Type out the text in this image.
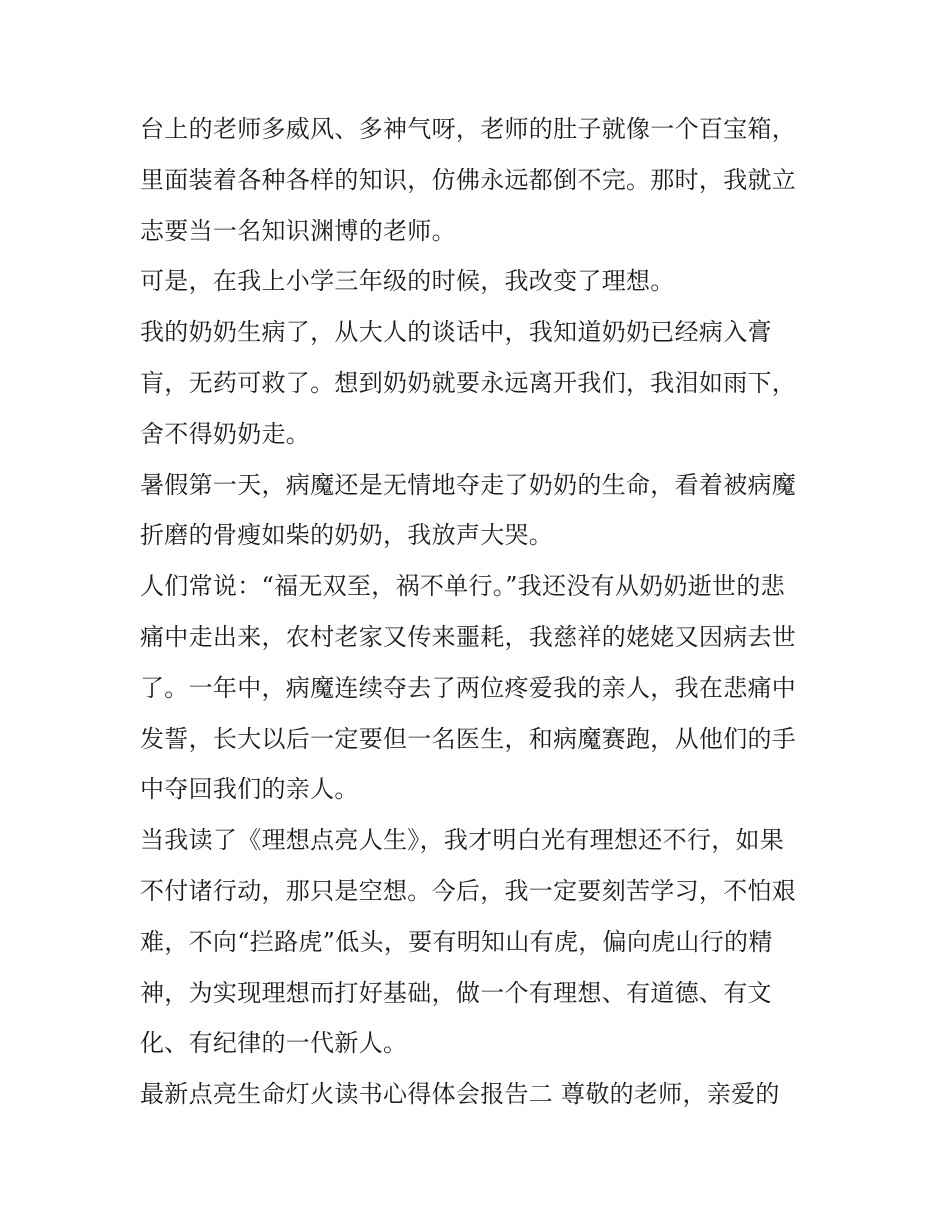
台上的老师多威风、多神气呀，老师的肚子就像一个百宝箱，
里面装着各种各样的知识，仿佛永远都倒不完。那时，我就立
志要当一名知识渊博的老师。
可是，在我上小学三年级的时候，我改变了理想。
我的奶奶生病了，从大人的谈话中，我知道奶奶已经病入膏
肓，无药可救了。想到奶奶就要永远离开我们，我泪如雨下，
舍不得奶奶走。
暑假第一天，病魔还是无情地夺走了奶奶的生命，看着被病魔
折磨的骨瘦如柴的奶奶，我放声大哭。
人们常说：“福无双至，祸不单行。”我还没有从奶奶逝世的悲
痛中走出来，农村老家又传来噩耗，我慈祥的姥姥又因病去世
了。一年中，病魔连续夺去了两位疼爱我的亲人，我在悲痛中
发誓，长大以后一定要但一名医生，和病魔赛跑，从他们的手
中夺回我们的亲人。
当我读了《理想点亮人生》，我才明白光有理想还不行，如果
不付诸行动，那只是空想。今后，我一定要刻苦学习，不怕艰
难，不向“拦路虎”低头，要有明知山有虎，偏向虎山行的精
神，为实现理想而打好基础，做一个有理想、有道德、有文
化、有纪律的一代新人。
最新点亮生命灯火读书心得体会报告二 尊敬的老师，亲爱的
